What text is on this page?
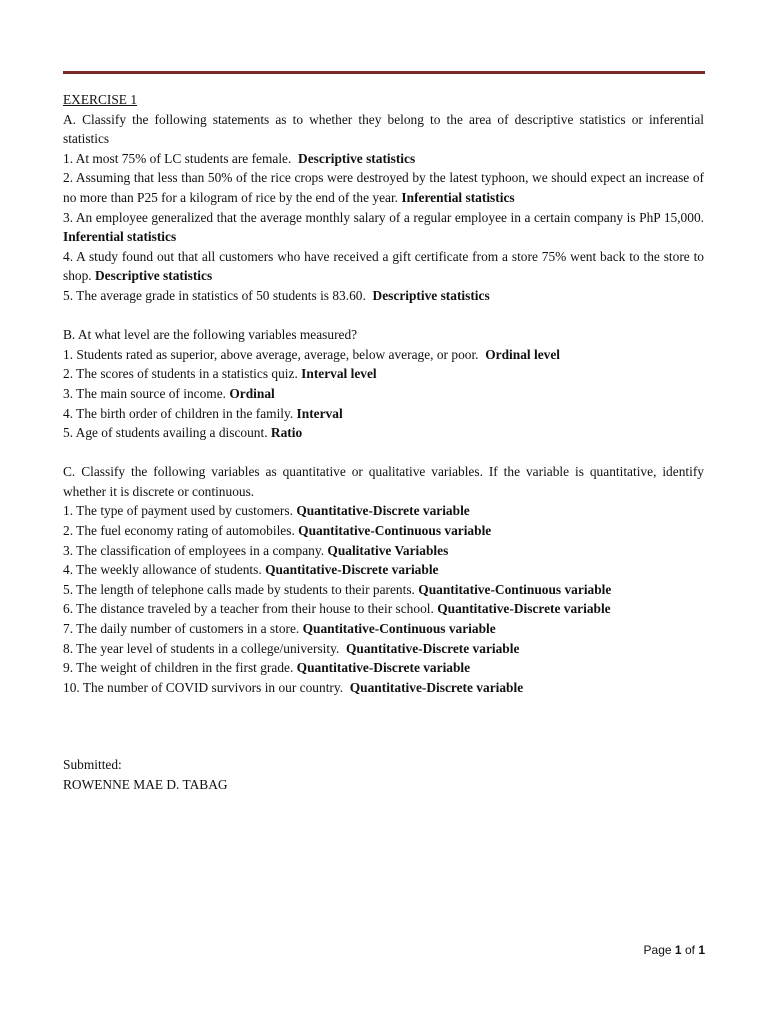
EXERCISE 1

A. Classify the following statements as to whether they belong to the area of descriptive statistics or inferential statistics

1. At most 75% of LC students are female. Descriptive statistics

2. Assuming that less than 50% of the rice crops were destroyed by the latest typhoon, we should expect an increase of no more than P25 for a kilogram of rice by the end of the year. Inferential statistics

3. An employee generalized that the average monthly salary of a regular employee in a certain company is PhP 15,000. Inferential statistics

4. A study found out that all customers who have received a gift certificate from a store 75% went back to the store to shop. Descriptive statistics

5. The average grade in statistics of 50 students is 83.60. Descriptive statistics

B. At what level are the following variables measured?

1. Students rated as superior, above average, average, below average, or poor. Ordinal level

2. The scores of students in a statistics quiz. Interval level

3. The main source of income. Ordinal

4. The birth order of children in the family. Interval

5. Age of students availing a discount. Ratio

C. Classify the following variables as quantitative or qualitative variables. If the variable is quantitative, identify whether it is discrete or continuous.

1. The type of payment used by customers. Quantitative-Discrete variable

2. The fuel economy rating of automobiles. Quantitative-Continuous variable

3. The classification of employees in a company. Qualitative Variables

4. The weekly allowance of students. Quantitative-Discrete variable

5. The length of telephone calls made by students to their parents. Quantitative-Continuous variable

6. The distance traveled by a teacher from their house to their school. Quantitative-Discrete variable

7. The daily number of customers in a store. Quantitative-Continuous variable

8. The year level of students in a college/university. Quantitative-Discrete variable

9. The weight of children in the first grade. Quantitative-Discrete variable

10. The number of COVID survivors in our country. Quantitative-Discrete variable

Submitted:

ROWENNE MAE D. TABAG

Page 1 of 1
